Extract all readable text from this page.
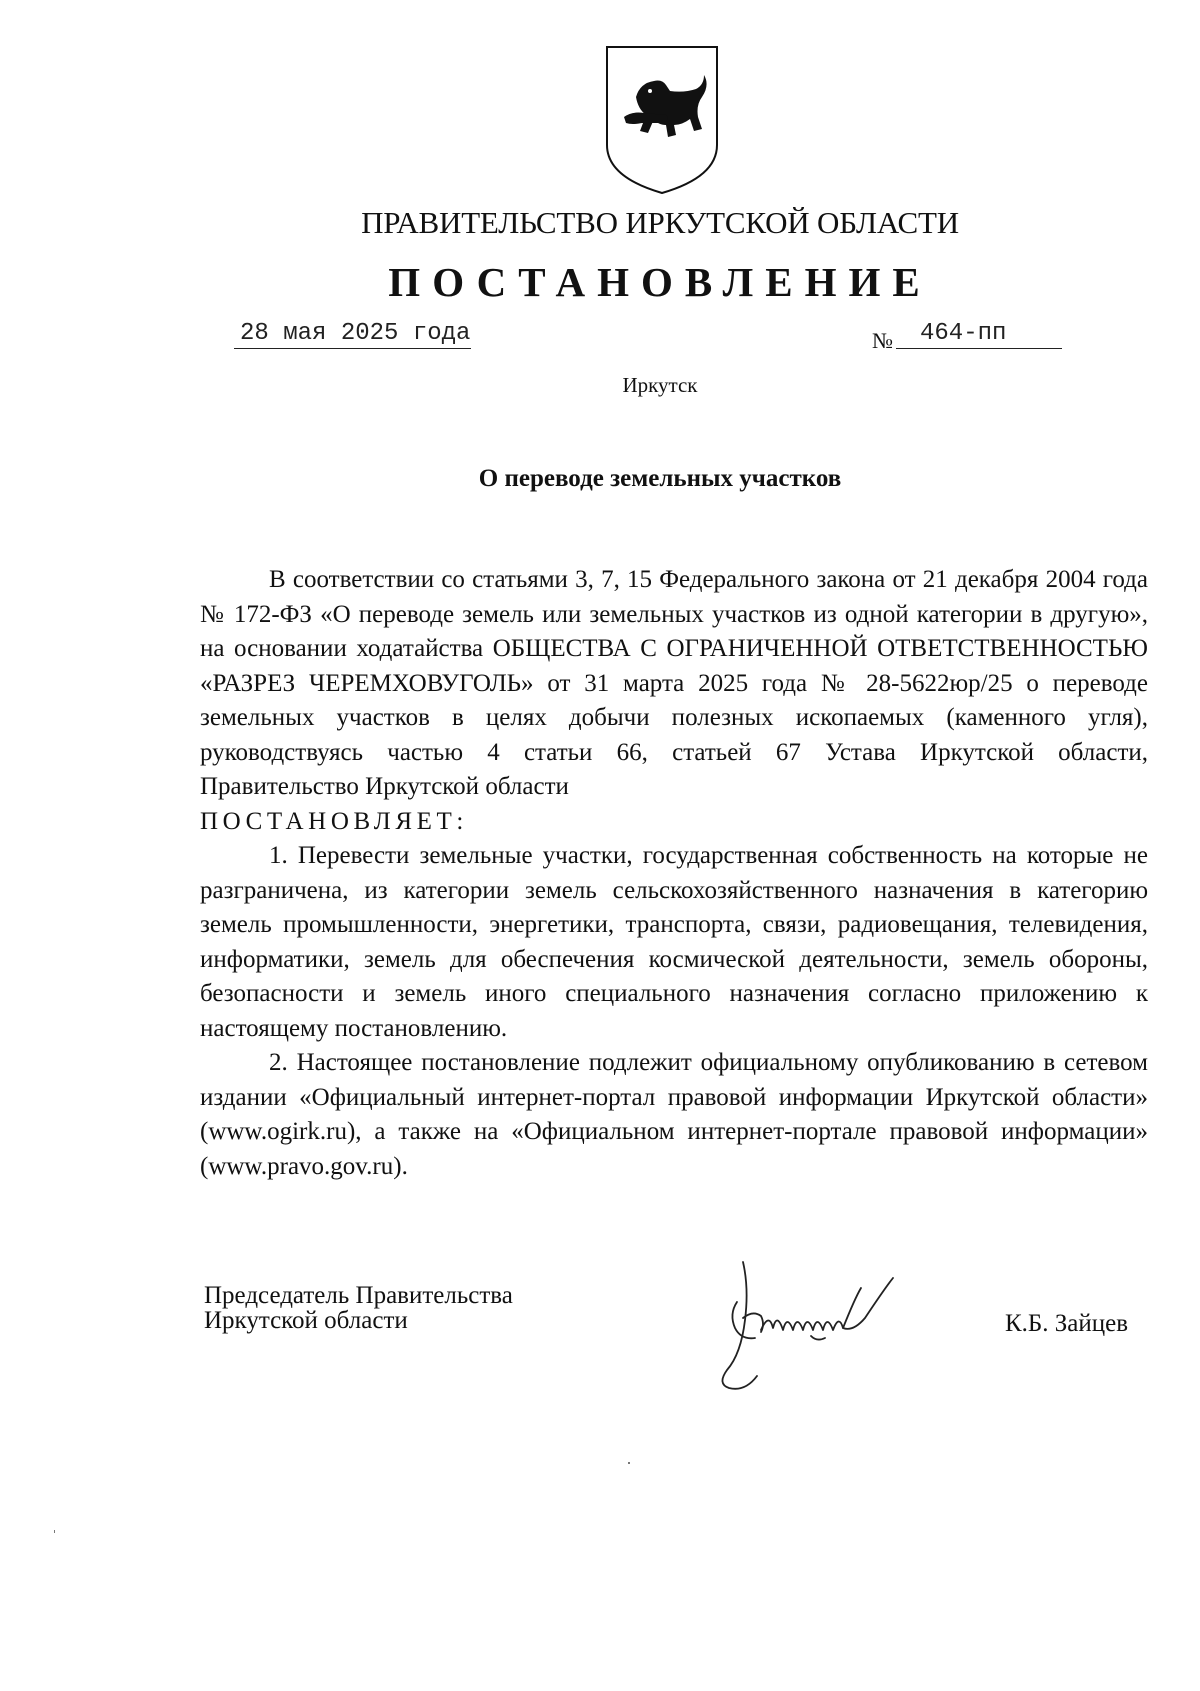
ПРАВИТЕЛЬСТВО ИРКУТСКОЙ ОБЛАСТИ
ПОСТАНОВЛЕНИЕ
28 мая 2025 года	№ 464-пп
Иркутск
О переводе земельных участков

В соответствии со статьями 3, 7, 15 Федерального закона от 21 декабря 2004 года № 172-ФЗ «О переводе земель или земельных участков из одной категории в другую», на основании ходатайства ОБЩЕСТВА С ОГРАНИЧЕННОЙ ОТВЕТСТВЕННОСТЬЮ «РАЗРЕЗ ЧЕРЕМХОВУГОЛЬ» от 31 марта 2025 года № 28-5622юр/25 о переводе земельных участков в целях добычи полезных ископаемых (каменного угля), руководствуясь частью 4 статьи 66, статьей 67 Устава Иркутской области, Правительство Иркутской области

ПОСТАНОВЛЯЕТ:

1. Перевести земельные участки, государственная собственность на которые не разграничена, из категории земель сельскохозяйственного назначения в категорию земель промышленности, энергетики, транспорта, связи, радиовещания, телевидения, информатики, земель для обеспечения космической деятельности, земель обороны, безопасности и земель иного специального назначения согласно приложению к настоящему постановлению.

2. Настоящее постановление подлежит официальному опубликованию в сетевом издании «Официальный интернет-портал правовой информации Иркутской области» (www.ogirk.ru), а также на «Официальном интернет-портале правовой информации» (www.pravo.gov.ru).

Председатель Правительства
Иркутской области	К.Б. Зайцев
